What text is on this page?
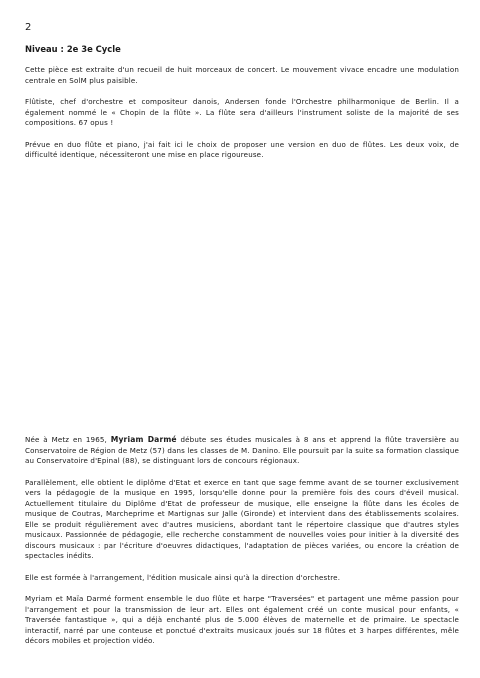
2
Niveau : 2e 3e Cycle

Cette pièce est extraite d'un recueil de huit morceaux de concert. Le mouvement vivace encadre une modulation centrale en SolM plus paisible.

Flûtiste, chef d'orchestre et compositeur danois, Andersen fonde l'Orchestre philharmonique de Berlin. Il a également nommé le « Chopin de la flûte ». La flûte sera d'ailleurs l'instrument soliste de la majorité de ses compositions. 67 opus !

Prévue en duo flûte et piano, j'ai fait ici le choix de proposer une version en duo de flûtes. Les deux voix, de difficulté identique, nécessiteront une mise en place rigoureuse.

Née à Metz en 1965, Myriam Darmé débute ses études musicales à 8 ans et apprend la flûte traversière au Conservatoire de Région de Metz (57) dans les classes de M. Danino. Elle poursuit par la suite sa formation classique au Conservatoire d'Epinal (88), se distinguant lors de concours régionaux.

Parallèlement, elle obtient le diplôme d'Etat et exerce en tant que sage femme avant de se tourner exclusivement vers la pédagogie de la musique en 1995, lorsqu'elle donne pour la première fois des cours d'éveil musical. Actuellement titulaire du Diplôme d'Etat de professeur de musique, elle enseigne la flûte dans les écoles de musique de Coutras, Marcheprime et Martignas sur Jalle (Gironde) et intervient dans des établissements scolaires. Elle se produit régulièrement avec d'autres musiciens, abordant tant le répertoire classique que d'autres styles musicaux. Passionnée de pédagogie, elle recherche constamment de nouvelles voies pour initier à la diversité des discours musicaux : par l'écriture d'oeuvres didactiques, l'adaptation de pièces variées, ou encore la création de spectacles inédits.

Elle est formée à l'arrangement, l'édition musicale ainsi qu'à la direction d'orchestre.

Myriam et Maïa Darmé forment ensemble le duo flûte et harpe "Traversées" et partagent une même passion pour l'arrangement et pour la transmission de leur art. Elles ont également créé un conte musical pour enfants, « Traversée fantastique », qui a déjà enchanté plus de 5.000 élèves de maternelle et de primaire. Le spectacle interactif, narré par une conteuse et ponctué d'extraits musicaux joués sur 18 flûtes et 3 harpes différentes, mêle décors mobiles et projection vidéo.
